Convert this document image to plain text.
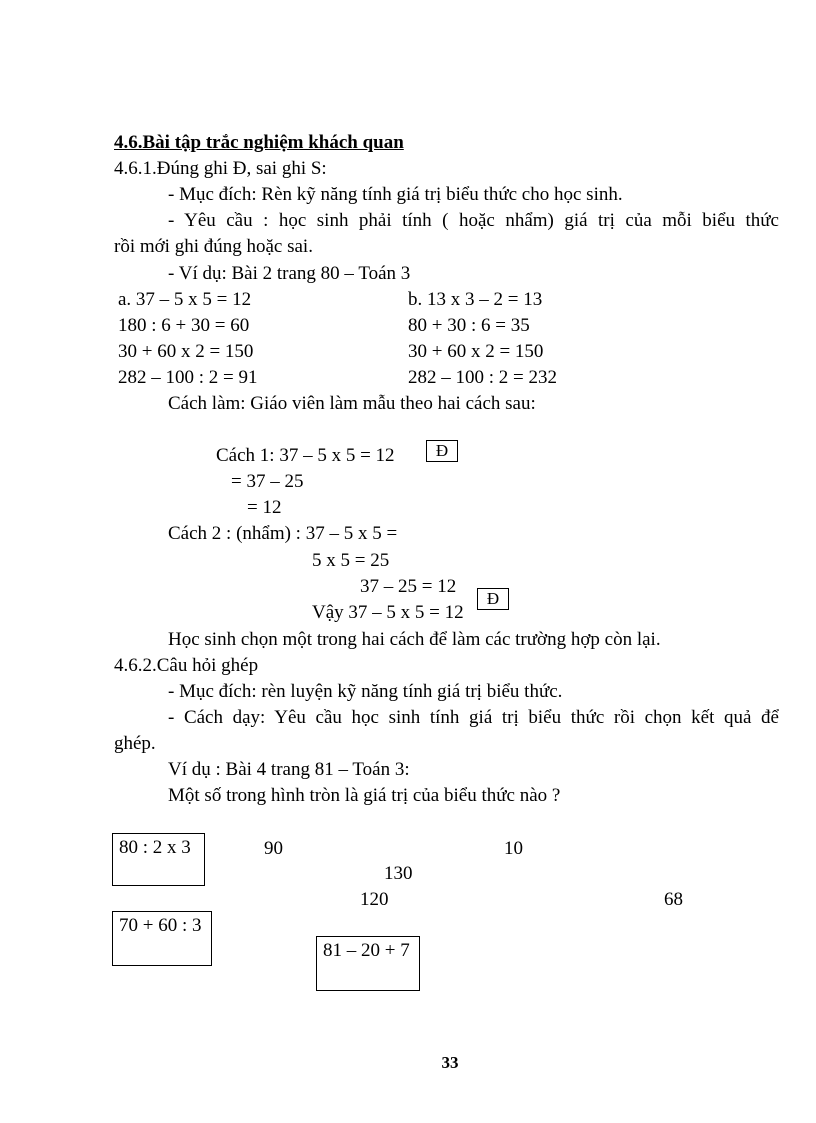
4.6.Bài tập trắc nghiệm khách quan
4.6.1.Đúng ghi Đ, sai ghi S:
- Mục đích: Rèn kỹ năng tính giá trị biểu thức cho học sinh.
- Yêu cầu : học sinh phải tính ( hoặc nhẩm) giá trị của mỗi biểu thức
rồi mới ghi đúng hoặc sai.
- Ví dụ: Bài 2 trang 80 – Toán 3
a. 37 – 5 x 5 = 12	b. 13 x 3 – 2 = 13
180 : 6 + 30 = 60	80 + 30 : 6 = 35
30 + 60 x 2 = 150	30 + 60 x 2 = 150
282 – 100 : 2 = 91	282 – 100 : 2 = 232
Cách làm: Giáo viên làm mẫu theo hai cách sau:
Cách 1: 37 – 5 x 5 = 12	Đ
= 37 – 25
= 12
Cách 2 : (nhẩm) : 37 – 5 x 5 =
5 x 5 = 25
37 – 25 = 12
Vậy 37 – 5 x 5 = 12
Đ
Học sinh chọn một trong hai cách để làm các trường hợp còn lại.
4.6.2.Câu hỏi ghép
- Mục đích: rèn luyện kỹ năng tính giá trị biểu thức.
- Cách dạy: Yêu cầu học sinh tính giá trị biểu thức rồi chọn kết quả để
ghép.
Ví dụ : Bài 4 trang 81 – Toán 3:
Một số trong hình tròn là giá trị của biểu thức nào ?
80 : 2 x 3
70 + 60 : 3
81 – 20 + 7
90	10
130
120	68
33
